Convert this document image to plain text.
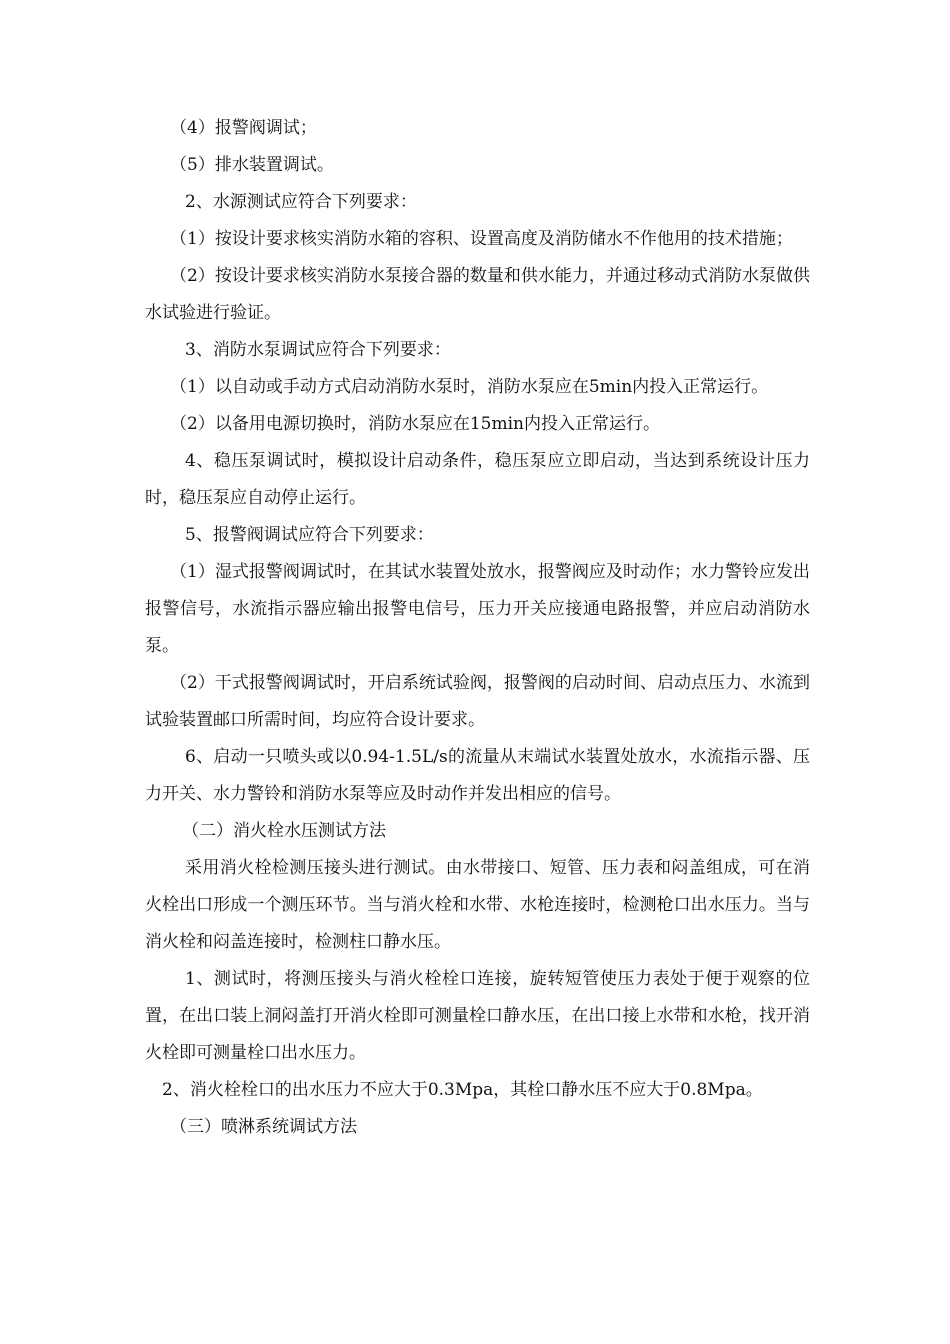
（4）报警阀调试；

（5）排水装置调试。

2、水源测试应符合下列要求：

（1）按设计要求核实消防水箱的容积、设置高度及消防储水不作他用的技术措施；

（2）按设计要求核实消防水泵接合器的数量和供水能力，并通过移动式消防水泵做供水试验进行验证。

3、消防水泵调试应符合下列要求：

（1）以自动或手动方式启动消防水泵时，消防水泵应在5min内投入正常运行。

（2）以备用电源切换时，消防水泵应在15min内投入正常运行。

4、稳压泵调试时，模拟设计启动条件，稳压泵应立即启动，当达到系统设计压力时，稳压泵应自动停止运行。

5、报警阀调试应符合下列要求：

（1）湿式报警阀调试时，在其试水装置处放水，报警阀应及时动作；水力警铃应发出报警信号，水流指示器应输出报警电信号，压力开关应接通电路报警，并应启动消防水泵。

（2）干式报警阀调试时，开启系统试验阀，报警阀的启动时间、启动点压力、水流到试验装置邮口所需时间，均应符合设计要求。

6、启动一只喷头或以0.94-1.5L/s的流量从末端试水装置处放水，水流指示器、压力开关、水力警铃和消防水泵等应及时动作并发出相应的信号。

（二）消火栓水压测试方法

采用消火栓检测压接头进行测试。由水带接口、短管、压力表和闷盖组成，可在消火栓出口形成一个测压环节。当与消火栓和水带、水枪连接时，检测枪口出水压力。当与消火栓和闷盖连接时，检测柱口静水压。

1、测试时，将测压接头与消火栓栓口连接，旋转短管使压力表处于便于观察的位置，在出口装上洞闷盖打开消火栓即可测量栓口静水压，在出口接上水带和水枪，找开消火栓即可测量栓口出水压力。

2、消火栓栓口的出水压力不应大于0.3Mpa，其栓口静水压不应大于0.8Mpa。

（三）喷淋系统调试方法
